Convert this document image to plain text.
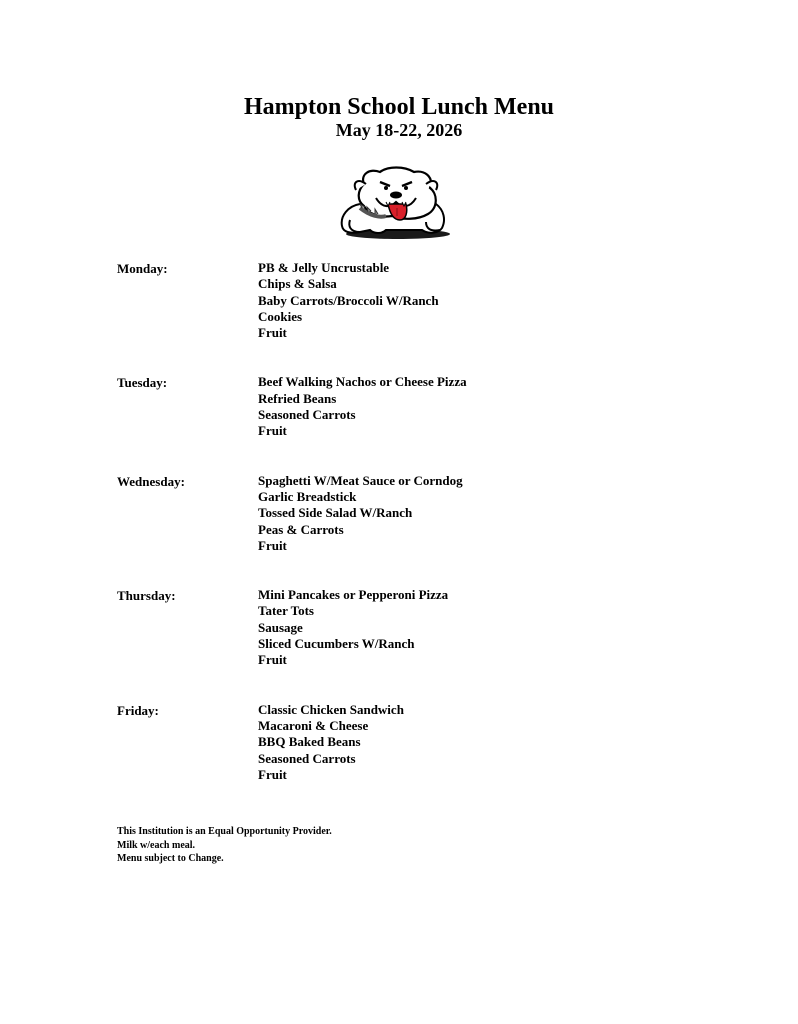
Hampton School Lunch Menu
May 18-22, 2026
Monday:	PB & Jelly Uncrustable
Chips & Salsa
Baby Carrots/Broccoli W/Ranch
Cookies
Fruit
Tuesday:	Beef Walking Nachos or Cheese Pizza
Refried Beans
Seasoned Carrots
Fruit
Wednesday:	Spaghetti W/Meat Sauce or Corndog
Garlic Breadstick
Tossed Side Salad W/Ranch
Peas & Carrots
Fruit
Thursday:	Mini Pancakes or Pepperoni Pizza
Tater Tots
Sausage
Sliced Cucumbers W/Ranch
Fruit
Friday:	Classic Chicken Sandwich
Macaroni & Cheese
BBQ Baked Beans
Seasoned Carrots
Fruit
This Institution is an Equal Opportunity Provider.
Milk w/each meal.
Menu subject to Change.
